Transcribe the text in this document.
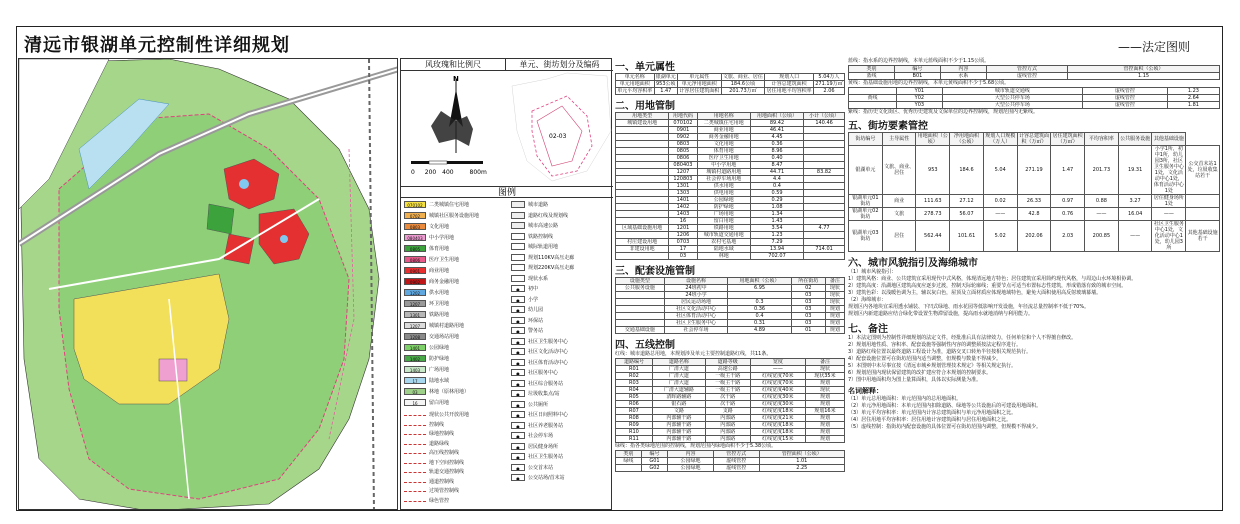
清远市银湖单元控制性详细规划	——法定图则
风玫瑰和比例尺	单元、街坊划分及编码
N
0 200 400	800m
02-03
图例
070102 二类城镇住宅用地
0702 城镇社区服务设施用地
0803 文化用地
080403 中小学用地
0805 体育用地
0806 医疗卫生用地
0901 商业用地
0902 商务金融用地
1202 供水用地
1207 环卫用地
1301 铁路用地
1207 城镇村道路用地
1208 交通场站用地
1401 公园绿地
1402 防护绿地
1403 广场用地
17 陆地水域
03 林地（原林用地）
16 留白用地
城市道路
道路红线及规划线
城市高速公路
铁路控制线
城际轨道用地
规划110KV高压走廊
规划220KV高压走廊
现状水系
● 初中
● 小学
● 幼儿园
● 环保站
● 警务站
● 社区卫生服务中心
● 社区文化活动中心
● 社区体育活动中心
● 社区服务中心
● 社区综合服务站
● 垃圾收集点/站
● 公共厕所
● 社区日间照料中心
● 社区养老服务站
● 社会停车场
● 居民健身场所
● 社区卫生服务站
● 公交首末站
● 公交站场/首末站
现状公共开放用地
控制线
绿地控制线
道路绿线
高压线控制线
地下空间控制线
轨道交通控制线
通道控制线
过境管控制线
绿色管控
一、单元属性
单元名称	银湖单元	单元属性	文旅、商业、居住	规划人口	5.04万人
单元用地面积	953公顷	单元净用地面积	184.6公顷	计容总建筑面积	271.19万㎡
单元平均容积率	1.47	计容居住建筑面积	201.73万㎡	居住用地平均容积率	2.06
二、用地管制
用地类型	用地代码	用地名称	用地面积（公顷）	小计（公顷）
城镇建设用地	070102	二类城镇住宅用地	89.42	140.46
	0901	商业用地	46.41	
	0902	商务金融用地	4.45	
	0803	文化用地	0.36	
	0805	体育用地	8.96	
	0806	医疗卫生用地	0.40	
	080403	中小学用地	8.47	
	1207	城镇村道路用地	44.71	83.82
	120803	社会停车场用地	4.4	
	1301	供水用地	0.4	
	1303	供电用地	0.59	
	1401	公园绿地	0.29	
	1402	防护绿地	1.08	
	1403	广场用地	1.34	
	16	留白用地	1.43	
区域基础设施用地	1201	铁路用地	3.54	4.77
	1206	城市轨道交通用地	1.23	
村庄建设用地	0703	农村宅基地	7.29	
非建设用地	17	陆地水域	13.94	714.01
	03	林地	702.07	
三、配套设施管制
设施类型	设施名称	用地面积（公顷）	所在街坊	备注
公共服务设施	24班初中	6.95	02	现状
	24班小学		03	现状
	居民运动场地	0.3	03	现状
	社区文化活动中心	0.36	03	规划
	社区体育活动中心	0.4	03	规划
	社区卫生服务中心	0.31	03	规划
交通基础设施	社会停车场	4.89	01	规划
四、五线控制
红线：城市道路总用地，本规划涉及单元主要控制道路红线，共11条。
道路编号	道路名称	道路等级	宽度	备注
R01	广清大道	高速公路	——	现状
R02	广清大道	一级主干路	红线宽度70米	现状35米
R03	广清大道	一级主干路	红线宽度70米	规划
R04	广清大道辅路	一级主干路	红线宽度40米	现状
R05	清晖路辅路	次干路	红线宽度30米	规划
R06	银石路	次干路	红线宽度30米	规划
R07	文路	支路	红线宽度18米	规划16米
R08	内部辅干路	内部路	红线宽度21米	规划
R09	内部辅干路	内部路	红线宽度18米	规划
R10	内部辅干路	内部路	红线宽度18米	规划
R11	内部辅干路	内部路	红线宽度15米	规划
绿线：指各类绿地范围的控制线，规划范围内绿地面积不少于5.38公顷。
类别	编号	内容	管控方式	管控面积（公顷）
绿线	G01	公园绿地	虚线管控	1.01
	G02	公园绿地	虚线管控	2.25
蓝线：指水系的边界控制线，本单元蓝线面积不少于1.15公顷。
类别	编号	内容	管控方式	管控面积（公顷）
蓝线	B01	水系	虚线管控	1.15
黄线：指基础设施用地的边界控制线，本单元黄线面积不少于5.68公顷。
	Y01	城市轨道交通线	虚线管控	1.23
黄线	Y02	大型公共停车场	虚线管控	2.64
	Y03	大型公共停车场	虚线管控	1.81
紫线：指历史文化街区、优秀历史建筑及文保单位的边界控制线，规划范围内无紫线。
五、街坊要素管控
街坊编号	主导属性	用地面积（公顷）	净用地面积（公顷）	规划人口规模（万人）	计容总建筑面积（万㎡）	居住建筑面积（万㎡）	平均容积率	公共服务设施	其他基础设施	
银湖单元	文旅、商业、居住	953	184.6	5.04	271.19	1.47	201.73	19.31	小学1所，初中1所，幼儿园3所，社区卫生服务中心1处，文化活动中心1处，体育活动中心1处	公交首末站1处，垃圾收集站若干
银湖单元01街坊	商业	111.63	27.12	0.02	26.33	0.97	0.88	3.27	居住健身场所1处	
银湖单元02街坊	文旅	278.73	56.07	——	42.8	0.76	——	16.04	——	
银湖单元03街坊	居住	562.44	101.61	5.02	202.06	2.03	200.85	——	社区卫生服务中心1处，文化活动中心1处，幼儿园3所	其他基础设施若干
六、城市风貌指引及海绵城市
（1）城市风貌指引：
1）建筑风格：商业、公共建筑宜采用现代中式风格，体现清远地方特色；居住建筑宜采用简约现代风格，与周边山水环境相协调。
2）建筑高度：沿湖地区建筑高度应逐步过渡，控制天际轮廓线；重要节点可适当布置标志性建筑，形成错落有致的城市空间。
3）建筑色彩：以浅暖色调为主，辅以灰白色，屋顶及立面材质应体现地域特色，避免大面积使用高反射玻璃幕墙。
（2）海绵城市：
规划区内各地块宜采用透水铺装、下凹式绿地、雨水花园等低影响开发设施，年径流总量控制率不低于70%。
规划区内新建道路应结合绿化带设置生物滞留设施，提高雨水就地消纳与利用能力。
七、备注
1）本法定图则为控制性详细规划的法定文件，经批准后具有法律效力，任何单位和个人不得擅自修改。
2）规划用地性质、容积率、配套设施等强制性内容的调整须按法定程序进行。
3）道路红线位置以最终道路工程设计为准，道路交叉口转角半径按相关规范执行。
4）配套设施位置可在街坊范围内适当调整，但规模与数量不得减少。
5）本图则中未尽事宜按《清远市城乡规划管理技术规定》等相关规定执行。
6）规划范围内现状保留建筑的改扩建应符合本规划的控制要求。
7）图中用地面积均为图上量算面积，具体以实际测量为准。
名词解释：
（1）单元总用地面积：单元范围内的总用地面积。
（2）单元净用地面积：本单元范围内扣除道路、绿地等公共设施后的可建设用地面积。
（3）单元平均容积率：单元范围内计容总建筑面积与单元净用地面积之比。
（4）居住用地平均容积率：居住用地计容建筑面积与居住用地面积之比。
（5）虚线控制：指街坊内配套设施的具体位置可在街坊范围内调整，但规模不得减少。
